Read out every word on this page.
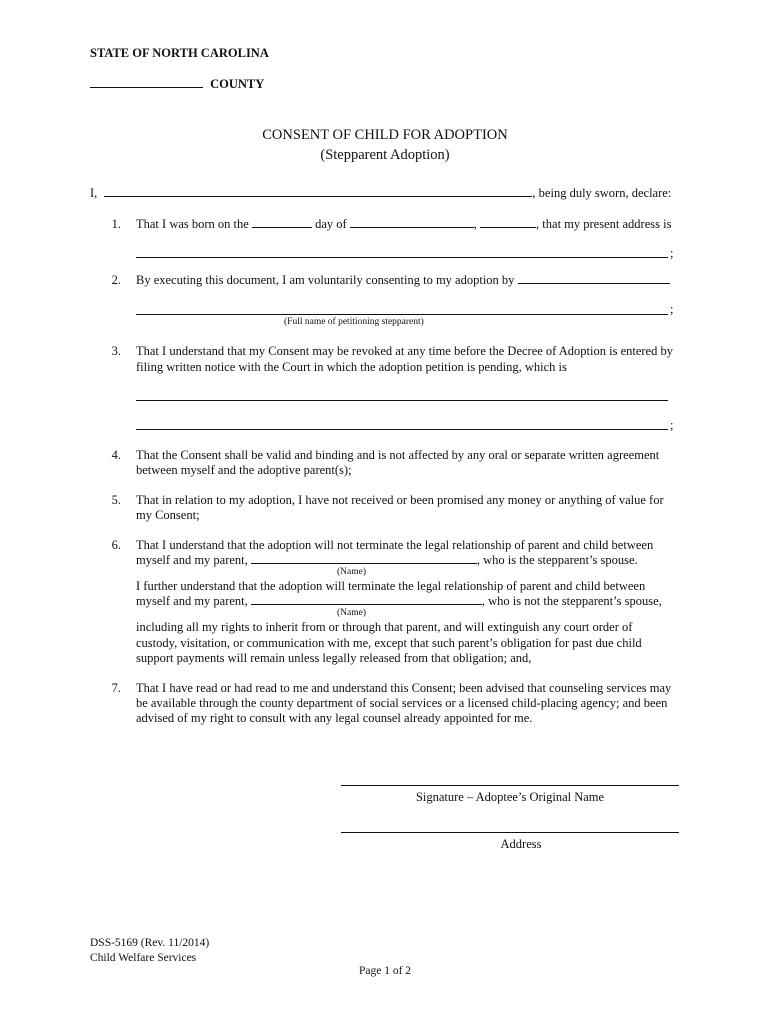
STATE OF NORTH CAROLINA
COUNTY
CONSENT OF CHILD FOR ADOPTION
(Stepparent Adoption)
I,	, being duly sworn, declare:
1. That I was born on the	day of	,	, that my present address is
;
2. By executing this document, I am voluntarily consenting to my adoption by
;
(Full name of petitioning stepparent)
3. That I understand that my Consent may be revoked at any time before the Decree of Adoption is entered by
filing written notice with the Court in which the adoption petition is pending, which is
;
4. That the Consent shall be valid and binding and is not affected by any oral or separate written agreement
between myself and the adoptive parent(s);
5. That in relation to my adoption, I have not received or been promised any money or anything of value for
my Consent;
6. That I understand that the adoption will not terminate the legal relationship of parent and child between
myself and my parent,	, who is the stepparent’s spouse.
(Name)
I further understand that the adoption will terminate the legal relationship of parent and child between
myself and my parent,	, who is not the stepparent’s spouse,
(Name)
including all my rights to inherit from or through that parent, and will extinguish any court order of
custody, visitation, or communication with me, except that such parent’s obligation for past due child
support payments will remain unless legally released from that obligation; and,
7. That I have read or had read to me and understand this Consent; been advised that counseling services may
be available through the county department of social services or a licensed child-placing agency; and been
advised of my right to consult with any legal counsel already appointed for me.
Signature – Adoptee’s Original Name
Address
DSS-5169 (Rev. 11/2014)
Child Welfare Services
Page 1 of 2
